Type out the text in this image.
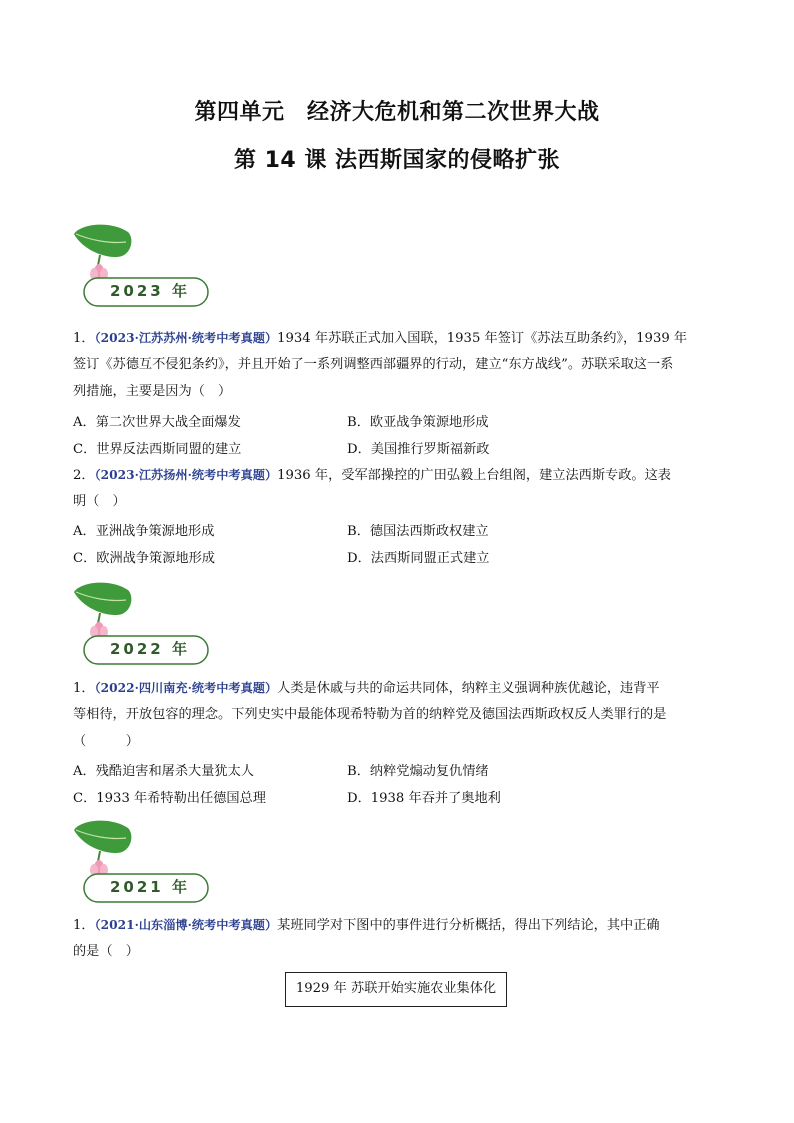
第四单元　经济大危机和第二次世界大战
第 14 课 法西斯国家的侵略扩张
2023 年
1．（2023·江苏苏州·统考中考真题）1934 年苏联正式加入国联，1935 年签订《苏法互助条约》，1939 年
签订《苏德互不侵犯条约》，并且开始了一系列调整西部疆界的行动，建立“东方战线”。苏联采取这一系
列措施，主要是因为（　）
A．第二次世界大战全面爆发	B．欧亚战争策源地形成
C．世界反法西斯同盟的建立	D．美国推行罗斯福新政
2．（2023·江苏扬州·统考中考真题）1936 年，受军部操控的广田弘毅上台组阁，建立法西斯专政。这表
明（　）
A．亚洲战争策源地形成	B．德国法西斯政权建立
C．欧洲战争策源地形成	D．法西斯同盟正式建立
2022 年
1．（2022·四川南充·统考中考真题）人类是休戚与共的命运共同体，纳粹主义强调种族优越论，违背平
等相待，开放包容的理念。下列史实中最能体现希特勒为首的纳粹党及德国法西斯政权反人类罪行的是
（　　　）
A．残酷迫害和屠杀大量犹太人	B．纳粹党煽动复仇情绪
C．1933 年希特勒出任德国总理	D．1938 年吞并了奥地利
2021 年
1．（2021·山东淄博·统考中考真题）某班同学对下图中的事件进行分析概括，得出下列结论，其中正确
的是（　）
1929 年 苏联开始实施农业集体化
